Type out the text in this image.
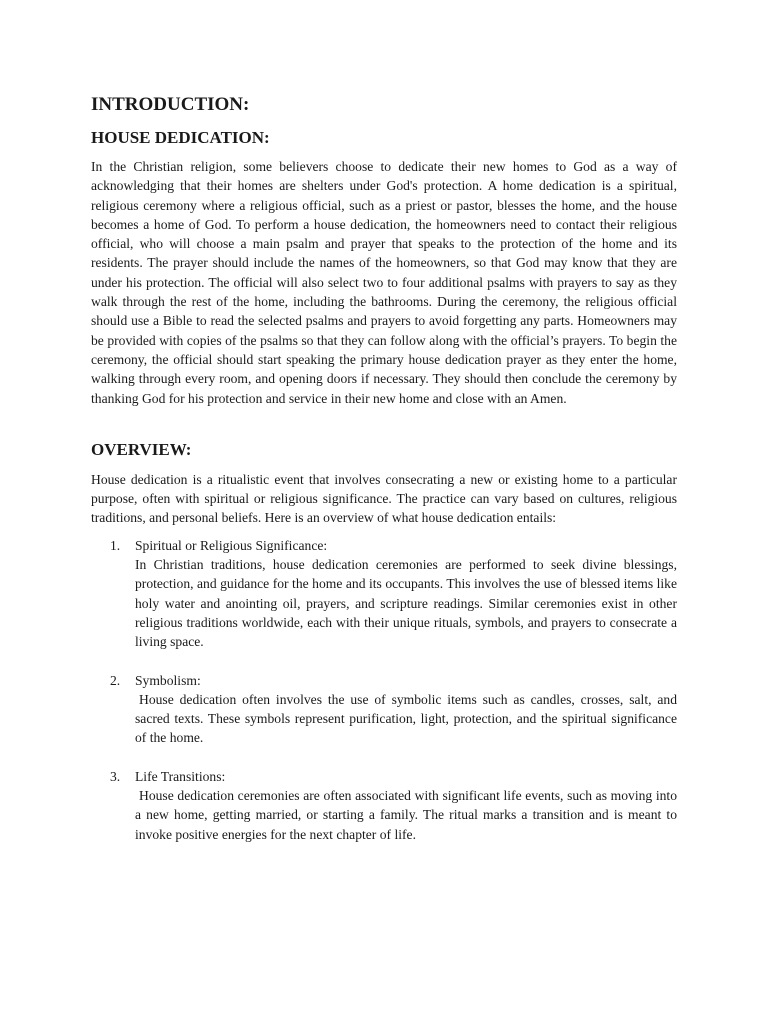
INTRODUCTION:
HOUSE DEDICATION:

In the Christian religion, some believers choose to dedicate their new homes to God as a way of acknowledging that their homes are shelters under God's protection. A home dedication is a spiritual, religious ceremony where a religious official, such as a priest or pastor, blesses the home, and the house becomes a home of God. To perform a house dedication, the homeowners need to contact their religious official, who will choose a main psalm and prayer that speaks to the protection of the home and its residents. The prayer should include the names of the homeowners, so that God may know that they are under his protection. The official will also select two to four additional psalms with prayers to say as they walk through the rest of the home, including the bathrooms. During the ceremony, the religious official should use a Bible to read the selected psalms and prayers to avoid forgetting any parts. Homeowners may be provided with copies of the psalms so that they can follow along with the official’s prayers. To begin the ceremony, the official should start speaking the primary house dedication prayer as they enter the home, walking through every room, and opening doors if necessary. They should then conclude the ceremony by thanking God for his protection and service in their new home and close with an Amen.

OVERVIEW:

House dedication is a ritualistic event that involves consecrating a new or existing home to a particular purpose, often with spiritual or religious significance. The practice can vary based on cultures, religious traditions, and personal beliefs. Here is an overview of what house dedication entails:

1. Spiritual or Religious Significance:
In Christian traditions, house dedication ceremonies are performed to seek divine blessings, protection, and guidance for the home and its occupants. This involves the use of blessed items like holy water and anointing oil, prayers, and scripture readings. Similar ceremonies exist in other religious traditions worldwide, each with their unique rituals, symbols, and prayers to consecrate a living space.
2. Symbolism:
House dedication often involves the use of symbolic items such as candles, crosses, salt, and sacred texts. These symbols represent purification, light, protection, and the spiritual significance of the home.
3. Life Transitions:
House dedication ceremonies are often associated with significant life events, such as moving into a new home, getting married, or starting a family. The ritual marks a transition and is meant to invoke positive energies for the next chapter of life.
